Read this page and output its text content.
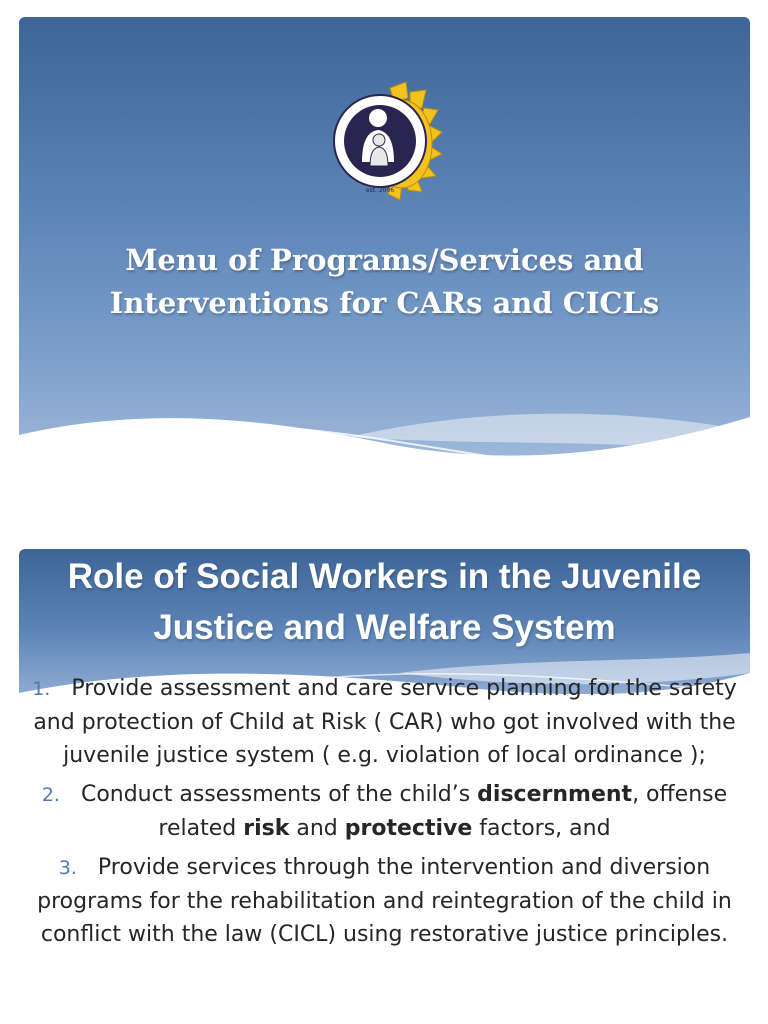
est. 2006
Menu of Programs/Services and
Interventions for CARs and CICLs
Role of Social Workers in the Juvenile
Justice and Welfare System
1. Provide assessment and care service planning for the safety and protection of Child at Risk ( CAR) who got involved with the juvenile justice system ( e.g. violation of local ordinance );
2. Conduct assessments of the child’s discernment, offense related risk and protective factors, and
3. Provide services through the intervention and diversion programs for the rehabilitation and reintegration of the child in conflict with the law (CICL) using restorative justice principles.
